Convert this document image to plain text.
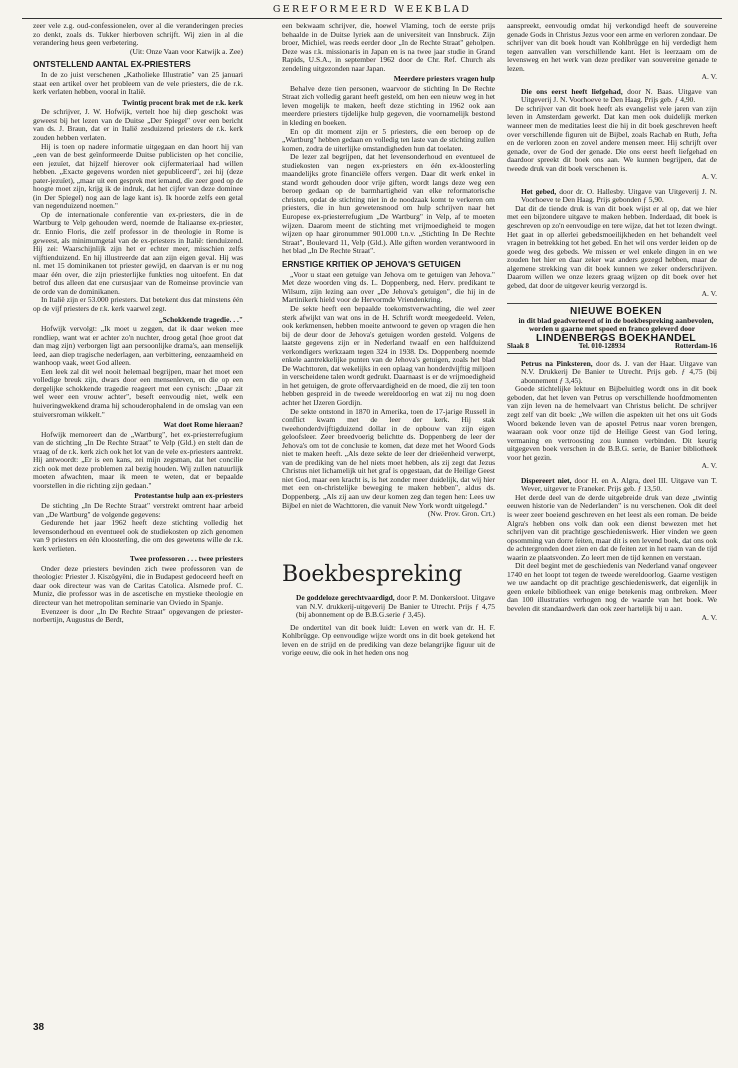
GEREFORMEERD WEEKBLAD

zeer vele z.g. oud-confessionelen, over al die veranderingen precies zo denkt, zoals ds. Tukker hierboven schrijft. Wij zien in al die verandering heus geen verbetering.

(Uit: Onze Vaan voor Katwijk a. Zee)

ONTSTELLEND AANTAL EX-PRIESTERS

In de zo juist verschenen „Katholieke Illustratie" van 25 januari staat een artikel over het probleem van de vele priesters, die de r.k. kerk verlaten hebben, vooral in Italië.

Twintig procent brak met de r.k. kerk

De schrijver, J. W. Hofwijk, vertelt hoe hij diep geschokt was geweest bij het lezen van de Duitse „Der Spiegel" over een bericht van ds. J. Braun, dat er in Italië zesduizend priesters de r.k. kerk zouden hebben verlaten.

Hij is toen op nadere informatie uitgegaan en dan hoort hij van „een van de best geïnformeerde Duitse publicisten op het concilie, een jezuïet, dat hijzelf hierover ook cijfermateriaal had willen hebben. „Exacte gegevens worden niet gepubliceerd", zei hij (deze pater-jezuïet), „maar uit een gesprek met iemand, die zeer goed op de hoogte moet zijn, krijg ik de indruk, dat het cijfer van deze dominee (in Der Spiegel) nog aan de lage kant is). Ik hoorde zelfs een getal van negenduizend noemen."

Op de internationale conferentie van ex-priesters, die in de Wartburg te Velp gehouden werd, noemde de Italiaanse ex-priester, dr. Ennio Floris, die zelf professor in de theologie in Rome is geweest, als minimumgetal van de ex-priesters in Italië: tienduizend. Hij zei: Waarschijnlijk zijn het er echter meer, misschien zelfs vijftienduizend. En hij illustreerde dat aan zijn eigen geval. Hij was nl. met 15 dominikanen tot priester gewijd, en daarvan is er nu nog maar één over, die zijn priesterlijke funkties nog uitoefent. En dat betrof dus alleen dat ene cursusjaar van de Romeinse provincie van de orde van de dominikanen.

In Italië zijn er 53.000 priesters. Dat betekent dus dat minstens één op de vijf priesters de r.k. kerk vaarwel zegt.

„Schokkende tragedie. . ."

Hofwijk vervolgt: „Ik moet u zeggen, dat ik daar weken mee rondliep, want wat er achter zo'n nuchter, droog getal (hoe groot dat dan mag zijn) verborgen ligt aan persoonlijke drama's, aan menselijk leed, aan diep tragische nederlagen, aan verbittering, eenzaamheid en wanhoop vaak, weet God alleen.

Een leek zal dit wel nooit helemaal begrijpen, maar het moet een volledige breuk zijn, dwars door een mensenleven, en die op een dergelijke schokkende tragedie reageert met een cynisch: „Daar zit wel weer een vrouw achter", beseft eenvoudig niet, welk een huiveringwekkend drama hij schouderophalend in de omslag van een stuiversroman wikkelt."

Wat doet Rome hieraan?

Hofwijk memoreert dan de „Wartburg", het ex-priesterrefugium van de stichting „In De Rechte Straat" te Velp (Gld.) en stelt dan de vraag of de r.k. kerk zich ook het lot van de vele ex-priesters aantrekt. Hij antwoordt: „Er is een kans, zei mijn zegsman, dat het concilie zich ook met deze problemen zal bezig houden. Wij zullen natuurlijk moeten afwachten, maar ik meen te weten, dat er bepaalde voorstellen in die richting zijn gedaan."

Protestantse hulp aan ex-priesters

De stichting „In De Rechte Straat" verstrekt omtrent haar arbeid van „De Wartburg" de volgende gegevens:

Gedurende het jaar 1962 heeft deze stichting volledig het levensonderhoud en eventueel ook de studiekosten op zich genomen van 9 priesters en één kloosterling, die om des gewetens wille de r.k. kerk verlieten.

Twee professoren . . . twee priesters

Onder deze priesters bevinden zich twee professoren van de theologie: Priester J. Kiszögyëni, die in Budapest gedoceerd heeft en daar ook directeur was van de Caritas Catolica. Alsmede prof. C. Muniz, die professor was in de ascetische en mystieke theologie en directeur van het metropolitan seminarie van Oviedo in Spanje.

Evenzeer is door „In De Rechte Straat" opgevangen de priester-norbertijn, Augustus de Berdt,

een bekwaam schrijver, die, hoewel Vlaming, toch de eerste prijs behaalde in de Duitse lyriek aan de universiteit van Innsbruck. Zijn broer, Michiel, was reeds eerder door „In de Rechte Straat" geholpen. Deze was r.k. missionaris in Japan en is na twee jaar studie in Grand Rapids, U.S.A., in september 1962 door de Chr. Ref. Church als zendeling uitgezonden naar Japan.

Meerdere priesters vragen hulp

Behalve deze tien personen, waarvoor de stichting In De Rechte Straat zich volledig garant heeft gesteld, om hen een nieuw weg in het leven mogelijk te maken, heeft deze stichting in 1962 ook aan meerdere priesters tijdelijke hulp gegeven, die voornamelijk bestond in kleding en boeken.

En op dit moment zijn er 5 priesters, die een beroep op de „Wartburg" hebben gedaan en volledig ten laste van de stichting zullen komen, zodra de uiterlijke omstandigheden hun dat toelaten.

De lezer zal begrijpen, dat het levensonderhoud en eventueel de studiekosten van negen ex-priesters en één ex-kloosterling maandelijks grote financiële offers vergen. Daar dit werk enkel in stand wordt gehouden door vrije giften, wordt langs deze weg een beroep gedaan op de barmhartigheid van elke reformatorische christen, opdat de stichting niet in de noodzaak komt te verkeren om priesters, die in hun gewetensnood om hulp schrijven naar het Europese ex-priesterrefugium „De Wartburg" in Velp, af te moeten wijzen. Daarom meent de stichting met vrijmoedigheid te mogen wijzen op haar gironummer 901.000 t.n.v. „Stichting In De Rechte Straat", Boulevard 11, Velp (Gld.). Alle giften worden verantwoord in het blad „In De Rechte Straat".

ERNSTIGE KRITIEK OP JEHOVA'S GETUIGEN

„Voor u staat een getuige van Jehova om te getuigen van Jehova." Met deze woorden ving ds. L. Doppenberg, ned. Herv. predikant te Wilsum, zijn lezing aan over „De Jehova's getuigen", die hij in de Martinikerk hield voor de Hervormde Vriendenkring.

De sekte heeft een bepaalde toekomstverwachting, die wel zeer sterk afwijkt van wat ons in de H. Schrift wordt meegedeeld. Velen, ook kerkmensen, hebben moeite antwoord te geven op vragen die hen bij de deur door de Jehova's getuigen worden gesteld. Volgens de laatste gegevens zijn er in Nederland twaalf en een halfduizend verkondigers werkzaam tegen 324 in 1938. Ds. Doppenberg noemde enkele aantrekkelijke punten van de Jehova's getuigen, zoals het blad De Wachttoren, dat wekelijks in een oplaag van honderdvijftig miljoen in verscheidene talen wordt gedrukt. Daarnaast is er de vrijmoedigheid in het getuigen, de grote offervaardigheid en de moed, die zij ten toon hebben gespreid in de tweede wereldoorlog en wat zij nu nog doen achter het IJzeren Gordijn.

De sekte ontstond in 1870 in Amerika, toen de 17-jarige Russell in conflict kwam met de leer der kerk. Hij stak tweehonderdvijftigduizend dollar in de opbouw van zijn eigen geloofsleer. Zeer breedvoerig belichtte ds. Doppenberg de leer der Jehova's om tot de conclusie te komen, dat deze met het Woord Gods niet te maken heeft. „Als deze sekte de leer der drieëenheid verwerpt, van de prediking van de hel niets moet hebben, als zij zegt dat Jezus Christus niet lichamelijk uit het graf is opgestaan, dat de Heilige Geest niet God, maar een kracht is, is het zonder meer duidelijk, dat wij hier met een on-christelijke beweging te maken hebben", aldus ds. Doppenberg. „Als zij aan uw deur komen zeg dan tegen hen: Lees uw Bijbel en niet de Wachttoren, die vanuit New York wordt uitgelegd."

(Nw. Prov. Gron. Crt.)

Boekbespreking

De goddeloze gerechtvaardigd, door P. M. Donkersloot. Uitgave van N.V. drukkerij-uitgeverij De Banier te Utrecht. Prijs ƒ 4,75 (bij abonnement op de B.B.G.serie ƒ 3,45).

De ondertitel van dit boek luidt: Leven en werk van dr. H. F. Kohlbrügge. Op eenvoudige wijze wordt ons in dit boek getekend het leven en de strijd en de prediking van deze belangrijke figuur uit de vorige eeuw, die ook in het heden ons nog

aanspreekt, eenvoudig omdat hij verkondigd heeft de souvereine genade Gods in Christus Jezus voor een arme en verloren zondaar. De schrijver van dit boek houdt van Kohlbrügge en hij verdedigt hem tegen aanvallen van verschillende kant. Het is leerzaam om de levensweg en het werk van deze prediker van souvereine genade te lezen.

A. V.

Die ons eerst heeft liefgehad, door N. Baas. Uitgave van Uitgeverij J. N. Voorhoeve te Den Haag. Prijs geb. ƒ 4,90.

De schrijver van dit boek heeft als evangelist vele jaren van zijn leven in Amsterdam gewerkt. Dat kan men ook duidelijk merken wanneer men de meditaties leest die hij in dit boek geschreven heeft over verschillende figuren uit de Bijbel, zoals Rachab en Ruth, Jefta en de verloren zoon en zovel andere mensen meer. Hij schrijft over genade, over de God der genade. Die ons eerst heeft liefgehad en daardoor spreekt dit boek ons aan. We kunnen begrijpen, dat de tweede druk van dit boek verschenen is.

A. V.

Het gebed, door dr. O. Hallesby. Uitgave van Uitgeverij J. N. Voorhoeve te Den Haag. Prijs gebonden ƒ 5,90.

Dat dit de tiende druk is van dit boek wijst er al op, dat we hier met een bijzondere uitgave te maken hebben. Inderdaad, dit boek is geschreven op zo'n eenvoudige en tere wijze, dat het tot lezen dwingt. Het gaat in op allerlei gebedsmoeilijkheden en het behandelt veel vragen in betrekking tot het gebed. En het wil ons verder leiden op de goede weg des gebeds. We missen er wel enkele dingen in en we zouden het hier en daar zeker wat anders gezegd hebben, maar de algemene strekking van dit boek kunnen we zeker onderschrijven. Daarom willen we onze lezers graag wijzen op dit boek over het gebed, dat door de uitgever keurig verzorgd is.

A. V.

NIEUWE BOEKEN

in dit blad geadverteerd of in de boekbespreking aanbevolen, worden u gaarne met spoed en franco geleverd door

LINDENBERGS BOEKHANDEL

Slaak 8	Tel. 010-128934	Rotterdam-16

Petrus na Pinksteren, door ds. J. van der Haar. Uitgave van N.V. Drukkerij De Banier te Utrecht. Prijs geb. ƒ 4,75 (bij abonnement ƒ 3,45).

Goede stichtelijke lektuur en Bijbeluitleg wordt ons in dit boek geboden, dat het leven van Petrus op verschillende hoofdmomenten van zijn leven na de hemelvaart van Christus belicht. De schrijver zegt zelf van dit boek: „We willen die aspekten uit het ons uit Gods Woord bekende leven van de apostel Petrus naar voren brengen, waaraan ook voor onze tijd de Heilige Geest van God lering, vermaning en vertroosting zou kunnen verbinden. Dit keurig uitgegeven boek verschen in de B.B.G. serie, de Banier bibliotheek voor het gezin.

A. V.

Dispereert niet, door H. en A. Algra, deel III. Uitgave van T. Wever, uitgever te Franeker. Prijs geb. ƒ 13,50.

Het derde deel van de derde uitgebreide druk van deze „twintig eeuwen historie van de Nederlanden" is nu verschenen. Ook dit deel is weer zeer boeiend geschreven en het leest als een roman. De beide Algra's hebben ons volk dan ook een dienst bewezen met het schrijven van dit prachtige geschiedeniswerk. Hier vinden we geen opsomming van dorre feiten, maar dit is een levend boek, dat ons ook de achtergronden doet zien en dat de feiten zet in het raam van de tijd waarin ze plaatsvonden. Zo leert men de tijd kennen en verstaan.

Dit deel begint met de geschiedenis van Nederland vanaf ongeveer 1740 en het loopt tot tegen de tweede wereldoorlog. Gaarne vestigen we uw aandacht op dit prachtige geschiedeniswerk, dat eigenlijk in geen enkele bibliotheek van enige betekenis mag ontbreken. Meer dan 100 illustraties verhogen nog de waarde van het boek. We bevelen dit standaardwerk dan ook zeer hartelijk bij u aan.

A. V.

38
